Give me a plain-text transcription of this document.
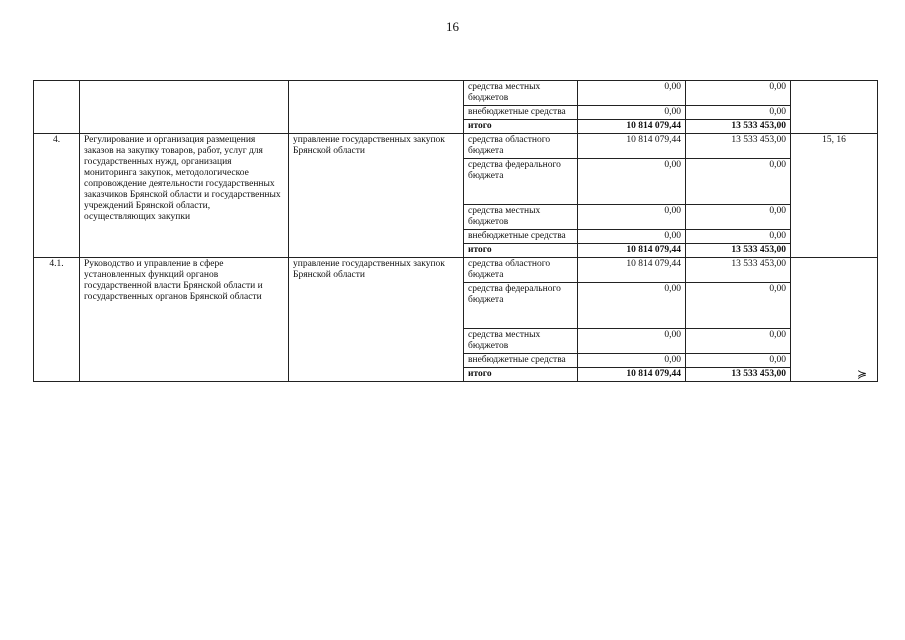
16
			средства местных бюджетов	0,00	0,00	
			внебюджетные средства	0,00	0,00	
			итого	10 814 079,44	13 533 453,00	
4.	Регулирование и организация размещения заказов на закупку товаров, работ, услуг для государственных нужд, организация мониторинга закупок, методологическое сопровождение деятельности государственных заказчиков Брянской области и государственных учреждений Брянской области, осуществляющих закупки	управление государственных закупок Брянской области	средства областного бюджета	10 814 079,44	13 533 453,00	15, 16

			средства федерального бюджета	0,00	0,00	
			средства местных бюджетов	0,00	0,00	
			внебюджетные средства	0,00	0,00	
			итого	10 814 079,44	13 533 453,00	
4.1.	Руководство и управление в сфере установленных функций органов государственной власти Брянской области и государственных органов Брянской области	управление государственных закупок Брянской области	средства областного бюджета	10 814 079,44	13 533 453,00	≽

			средства федерального бюджета	0,00	0,00	
			средства местных бюджетов	0,00	0,00	
			внебюджетные средства	0,00	0,00	
			итого	10 814 079,44	13 533 453,00	
